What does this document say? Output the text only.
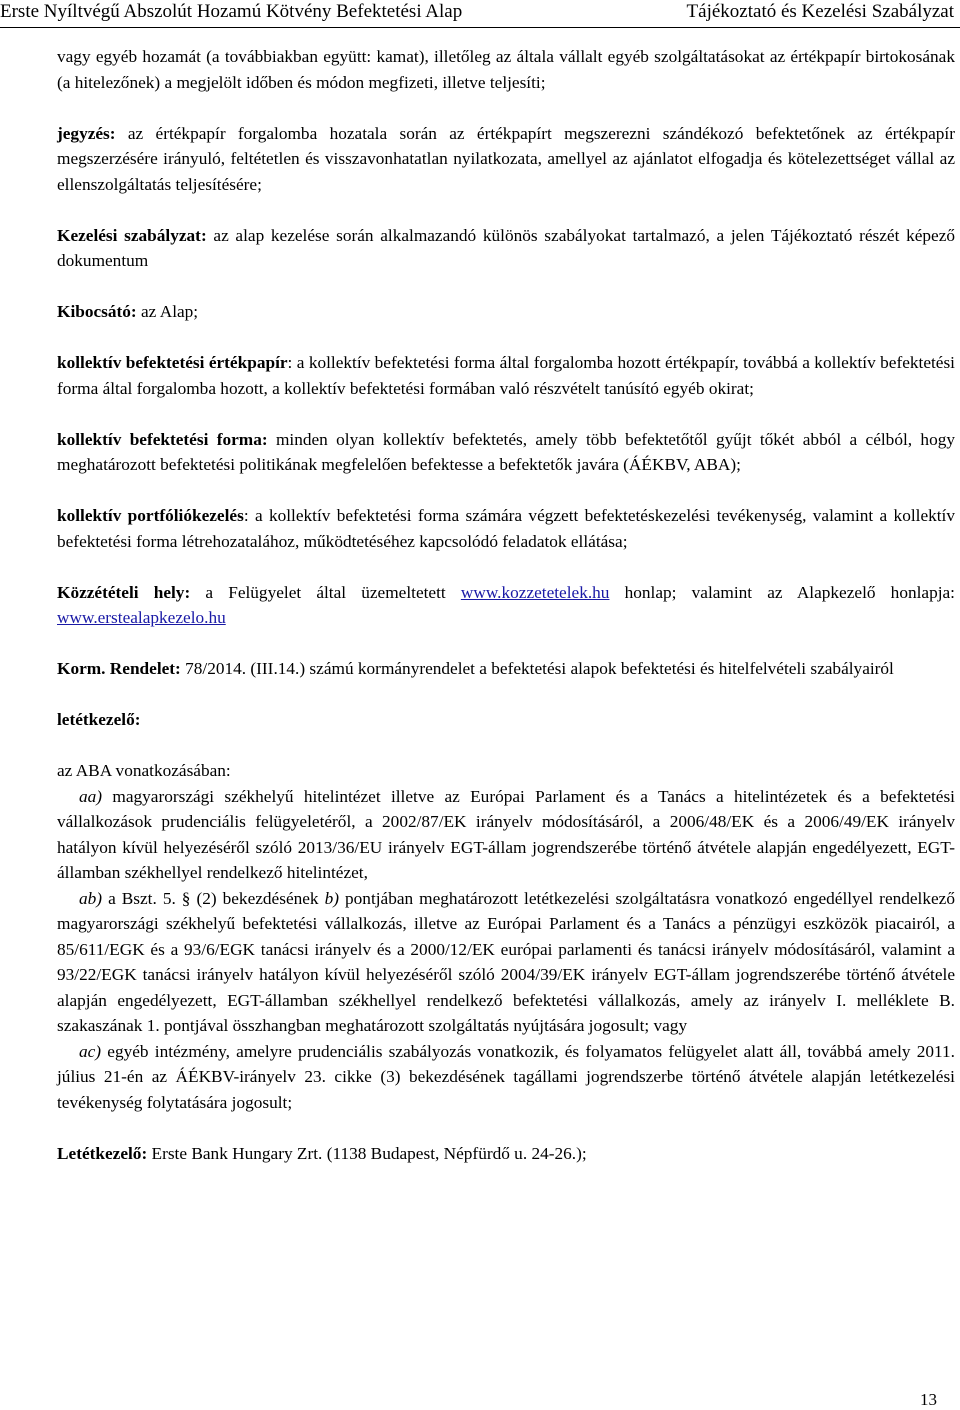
Erste Nyíltvégű Abszolút Hozamú Kötvény Befektetési Alap	Tájékoztató és Kezelési Szabályzat

vagy egyéb hozamát (a továbbiakban együtt: kamat), illetőleg az általa vállalt egyéb szolgáltatásokat az értékpapír birtokosának (a hitelezőnek) a megjelölt időben és módon megfizeti, illetve teljesíti;

jegyzés: az értékpapír forgalomba hozatala során az értékpapírt megszerezni szándékozó befektetőnek az értékpapír megszerzésére irányuló, feltétetlen és visszavonhatatlan nyilatkozata, amellyel az ajánlatot elfogadja és kötelezettséget vállal az ellenszolgáltatás teljesítésére;

Kezelési szabályzat: az alap kezelése során alkalmazandó különös szabályokat tartalmazó, a jelen Tájékoztató részét képező dokumentum

Kibocsátó: az Alap;

kollektív befektetési értékpapír: a kollektív befektetési forma által forgalomba hozott értékpapír, továbbá a kollektív befektetési forma által forgalomba hozott, a kollektív befektetési formában való részvételt tanúsító egyéb okirat;

kollektív befektetési forma: minden olyan kollektív befektetés, amely több befektetőtől gyűjt tőkét abból a célból, hogy meghatározott befektetési politikának megfelelően befektesse a befektetők javára (ÁÉKBV, ABA);

kollektív portfóliókezelés: a kollektív befektetési forma számára végzett befektetéskezelési tevékenység, valamint a kollektív befektetési forma létrehozatalához, működtetéséhez kapcsolódó feladatok ellátása;

Közzétételi hely: a Felügyelet által üzemeltetett www.kozzetetelek.hu honlap; valamint az Alapkezelő honlapja: www.erstealapkezelo.hu

Korm. Rendelet: 78/2014. (III.14.) számú kormányrendelet a befektetési alapok befektetési és hitelfelvételi szabályairól

letétkezelő:

az ABA vonatkozásában:

aa) magyarországi székhelyű hitelintézet illetve az Európai Parlament és a Tanács a hitelintézetek és a befektetési vállalkozások prudenciális felügyeletéről, a 2002/87/EK irányelv módosításáról, a 2006/48/EK és a 2006/49/EK irányelv hatályon kívül helyezéséről szóló 2013/36/EU irányelv EGT-állam jogrendszerébe történő átvétele alapján engedélyezett, EGT-államban székhellyel rendelkező hitelintézet,

ab) a Bszt. 5. § (2) bekezdésének b) pontjában meghatározott letétkezelési szolgáltatásra vonatkozó engedéllyel rendelkező magyarországi székhelyű befektetési vállalkozás, illetve az Európai Parlament és a Tanács a pénzügyi eszközök piacairól, a 85/611/EGK és a 93/6/EGK tanácsi irányelv és a 2000/12/EK európai parlamenti és tanácsi irányelv módosításáról, valamint a 93/22/EGK tanácsi irányelv hatályon kívül helyezéséről szóló 2004/39/EK irányelv EGT-állam jogrendszerébe történő átvétele alapján engedélyezett, EGT-államban székhellyel rendelkező befektetési vállalkozás, amely az irányelv I. melléklete B. szakaszának 1. pontjával összhangban meghatározott szolgáltatás nyújtására jogosult; vagy

ac) egyéb intézmény, amelyre prudenciális szabályozás vonatkozik, és folyamatos felügyelet alatt áll, továbbá amely 2011. július 21-én az ÁÉKBV-irányelv 23. cikke (3) bekezdésének tagállami jogrendszerbe történő átvétele alapján letétkezelési tevékenység folytatására jogosult;

Letétkezelő: Erste Bank Hungary Zrt. (1138 Budapest, Népfürdő u. 24-26.);

13
